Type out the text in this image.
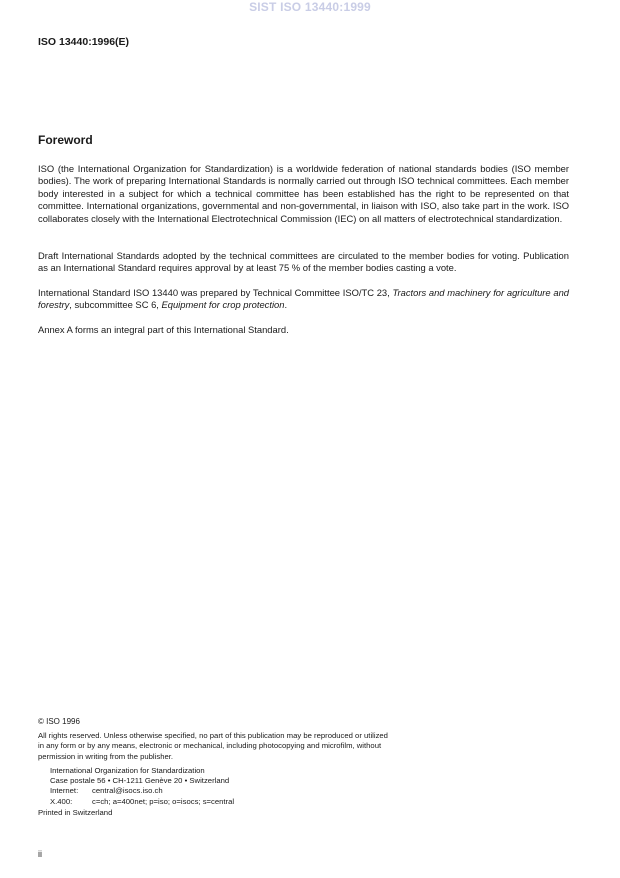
SIST ISO 13440:1999
ISO 13440:1996(E)
Foreword

ISO (the International Organization for Standardization) is a worldwide federation of national standards bodies (ISO member bodies). The work of preparing International Standards is normally carried out through ISO technical committees. Each member body interested in a subject for which a technical committee has been established has the right to be represented on that committee. International organizations, governmental and non-governmental, in liaison with ISO, also take part in the work. ISO collaborates closely with the International Electrotechnical Commission (IEC) on all matters of electrotechnical standardization.

Draft International Standards adopted by the technical committees are circulated to the member bodies for voting. Publication as an International Standard requires approval by at least 75 % of the member bodies casting a vote.

International Standard ISO 13440 was prepared by Technical Committee ISO/TC 23, Tractors and machinery for agriculture and forestry, subcommittee SC 6, Equipment for crop protection.

Annex A forms an integral part of this International Standard.

© ISO 1996

All rights reserved. Unless otherwise specified, no part of this publication may be reproduced or utilized in any form or by any means, electronic or mechanical, including photocopying and microfilm, without permission in writing from the publisher.

International Organization for Standardization
Case postale 56 • CH-1211 Genève 20 • Switzerland
Internet: central@isocs.iso.ch
X.400:	c=ch; a=400net; p=iso; o=isocs; s=central
Printed in Switzerland
ii
